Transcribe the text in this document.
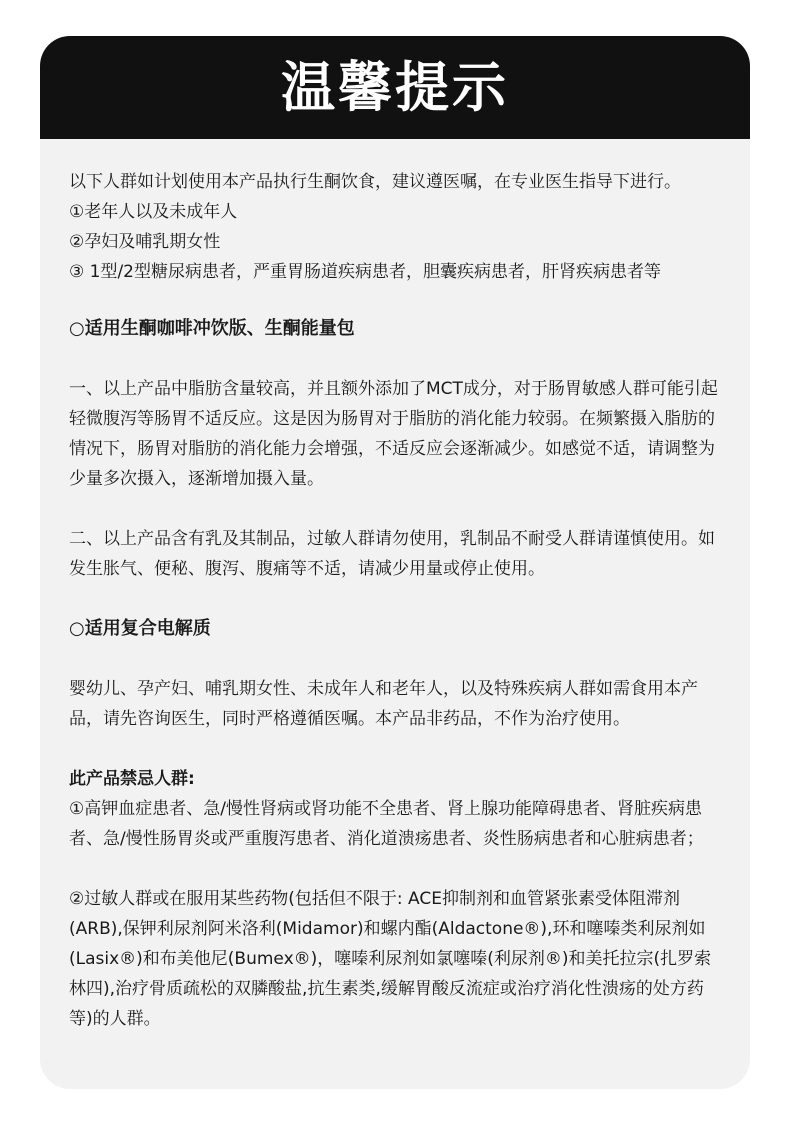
温馨提示

以下人群如计划使用本产品执行生酮饮食，建议遵医嘱，在专业医生指导下进行。

①老年人以及未成年人

②孕妇及哺乳期女性

③ 1型/2型糖尿病患者，严重胃肠道疾病患者，胆囊疾病患者，肝肾疾病患者等

○适用生酮咖啡冲饮版、生酮能量包

一、以上产品中脂肪含量较高，并且额外添加了MCT成分，对于肠胃敏感人群可能引起轻微腹泻等肠胃不适反应。这是因为肠胃对于脂肪的消化能力较弱。在频繁摄入脂肪的情况下，肠胃对脂肪的消化能力会增强，不适反应会逐渐减少。如感觉不适，请调整为少量多次摄入，逐渐增加摄入量。

二、以上产品含有乳及其制品，过敏人群请勿使用，乳制品不耐受人群请谨慎使用。如发生胀气、便秘、腹泻、腹痛等不适，请减少用量或停止使用。

○适用复合电解质

婴幼儿、孕产妇、哺乳期女性、未成年人和老年人，以及特殊疾病人群如需食用本产品，请先咨询医生，同时严格遵循医嘱。本产品非药品，不作为治疗使用。

此产品禁忌人群:

①高钾血症患者、急/慢性肾病或肾功能不全患者、肾上腺功能障碍患者、肾脏疾病患者、急/慢性肠胃炎或严重腹泻患者、消化道溃疡患者、炎性肠病患者和心脏病患者；

②过敏人群或在服用某些药物(包括但不限于: ACE抑制剂和血管紧张素受体阻滞剂(ARB),保钾利尿剂阿米洛利(Midamor)和螺内酯(Aldactone®),环和噻嗪类利尿剂如(Lasix®)和布美他尼(Bumex®)，噻嗪利尿剂如氯噻嗪(利尿剂®)和美托拉宗(扎罗索林四),治疗骨质疏松的双膦酸盐,抗生素类,缓解胃酸反流症或治疗消化性溃疡的处方药等)的人群。
